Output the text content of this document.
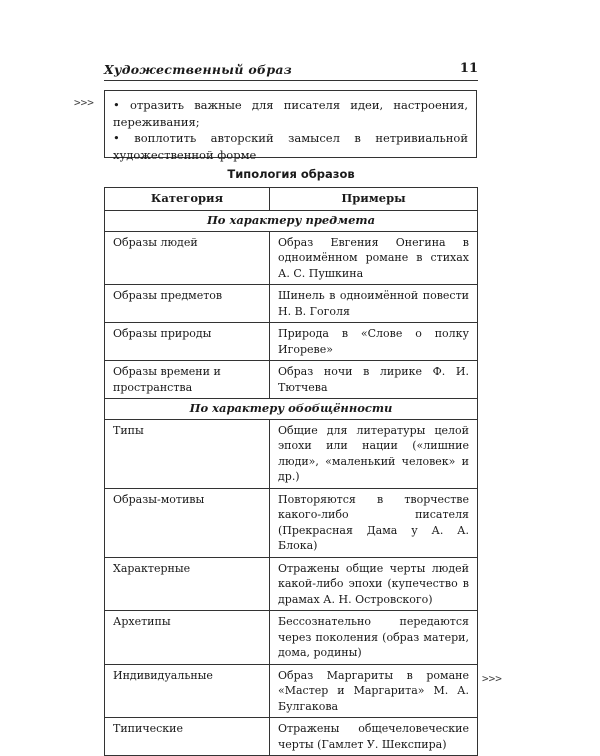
Художественный образ	11
>>> • отразить важные для писателя идеи, настроения, переживания;

• воплотить авторский замысел в нетривиальной художественной форме

Типология образов
Категория	Примеры
По характеру предмета	
Образы людей	Образ Евгения Онегина в одноимённом романе в стихах А. С. Пушкина
Образы предметов	Шинель в одноимённой повести Н. В. Гоголя
Образы природы	Природа в «Слове о полку Игореве»
Образы времени и пространства	Образ ночи в лирике Ф. И. Тютчева
По характеру обобщённости	
Типы	Общие для литературы целой эпохи или нации («лишние люди», «маленький человек» и др.)
Образы-мотивы	Повторяются в творчестве какого-либо писателя (Прекрасная Дама у А. А. Блока)
Характерные	Отражены общие черты людей какой-либо эпохи (купечество в драмах А. Н. Островского)
Архетипы	Бессознательно передаются через поколения (образ матери, дома, родины)
Индивидуальные	Образ Маргариты в романе «Мастер и Маргарита» М. А. Булгакова
Типические	Отражены общечеловеческие черты (Гамлет У. Шекспира)
>>>
